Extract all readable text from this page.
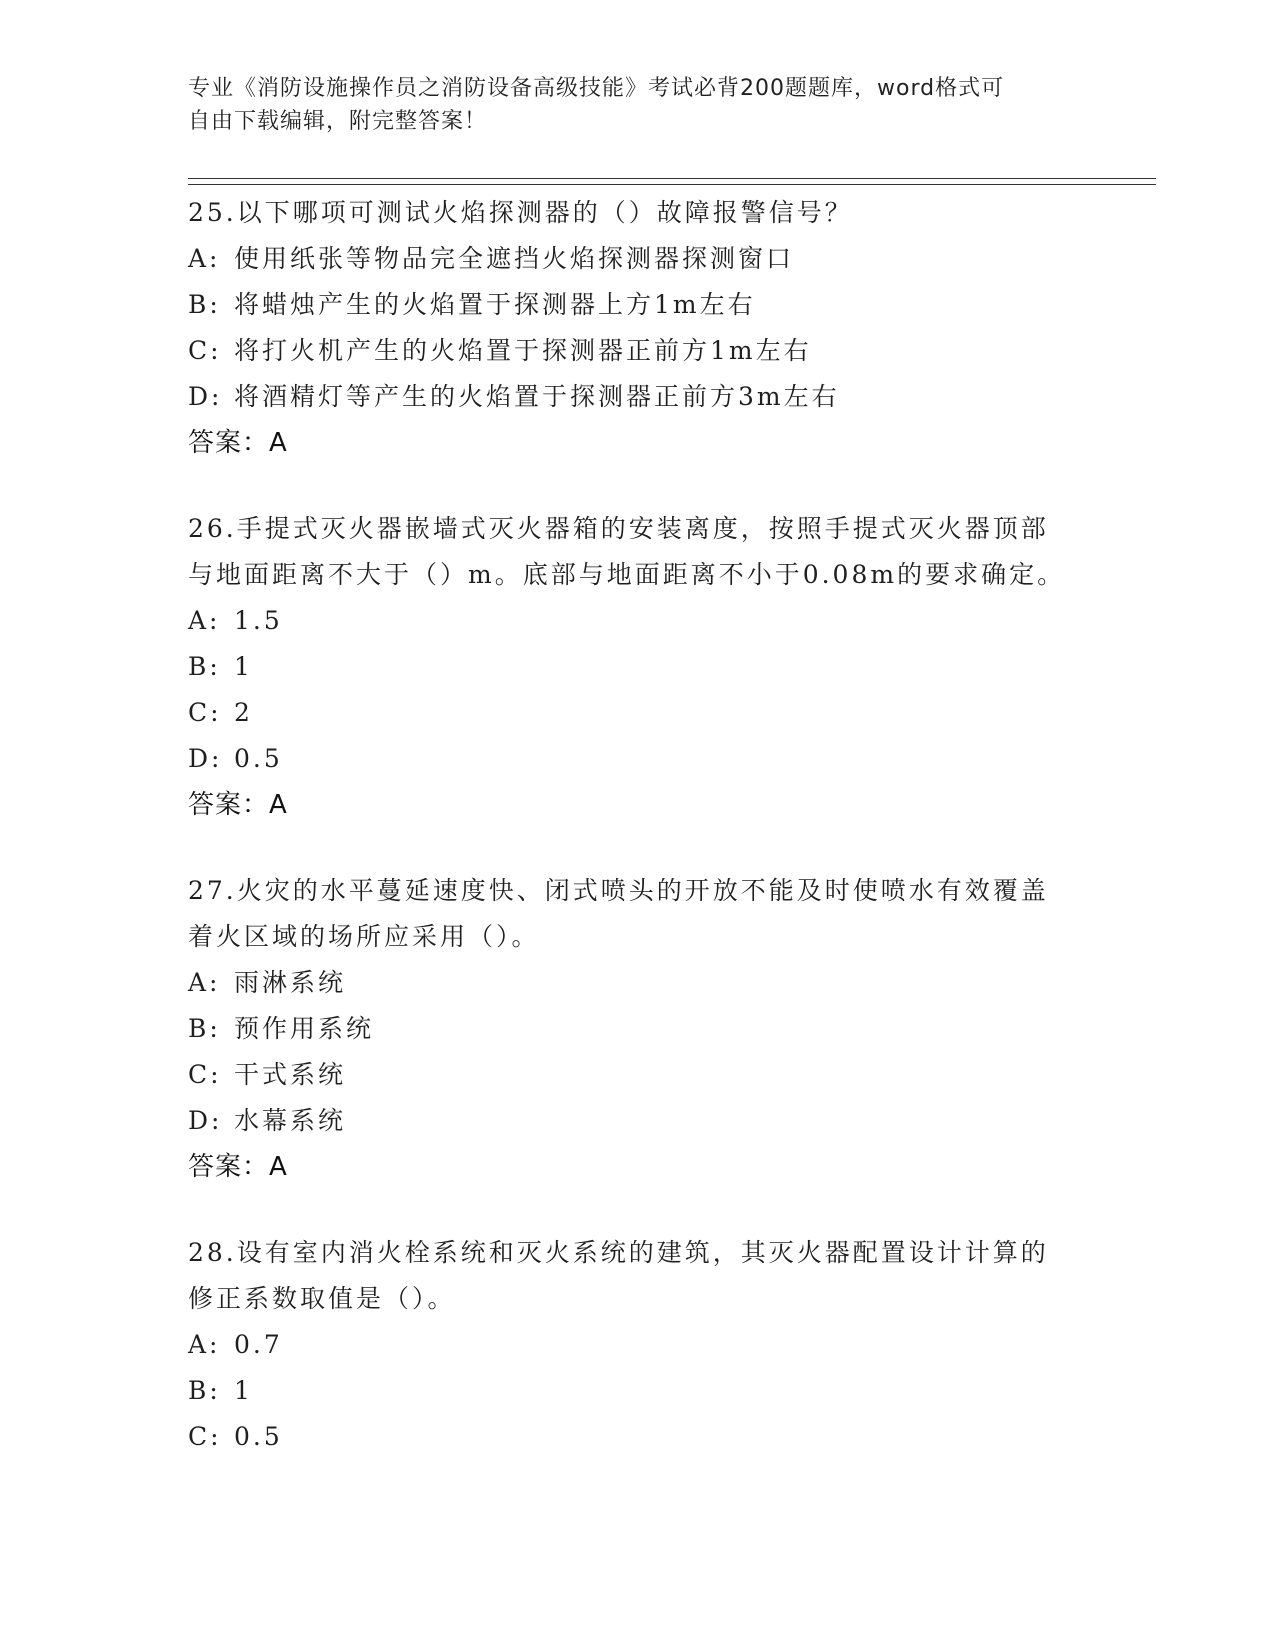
专业《消防设施操作员之消防设备高级技能》考试必背200题题库，word格式可
自由下载编辑，附完整答案！
25.以下哪项可测试火焰探测器的（）故障报警信号？
A: 使用纸张等物品完全遮挡火焰探测器探测窗口
B: 将蜡烛产生的火焰置于探测器上方1m左右
C: 将打火机产生的火焰置于探测器正前方1m左右
D: 将酒精灯等产生的火焰置于探测器正前方3m左右
答案：A
26.手提式灭火器嵌墙式灭火器箱的安装离度，按照手提式灭火器顶部
与地面距离不大于（）m。底部与地面距离不小于0.08m的要求确定。
A: 1.5
B: 1
C: 2
D: 0.5
答案：A
27.火灾的水平蔓延速度快、闭式喷头的开放不能及时使喷水有效覆盖
着火区域的场所应采用（）。
A: 雨淋系统
B: 预作用系统
C: 干式系统
D: 水幕系统
答案：A
28.设有室内消火栓系统和灭火系统的建筑，其灭火器配置设计计算的
修正系数取值是（）。
A: 0.7
B: 1
C: 0.5
